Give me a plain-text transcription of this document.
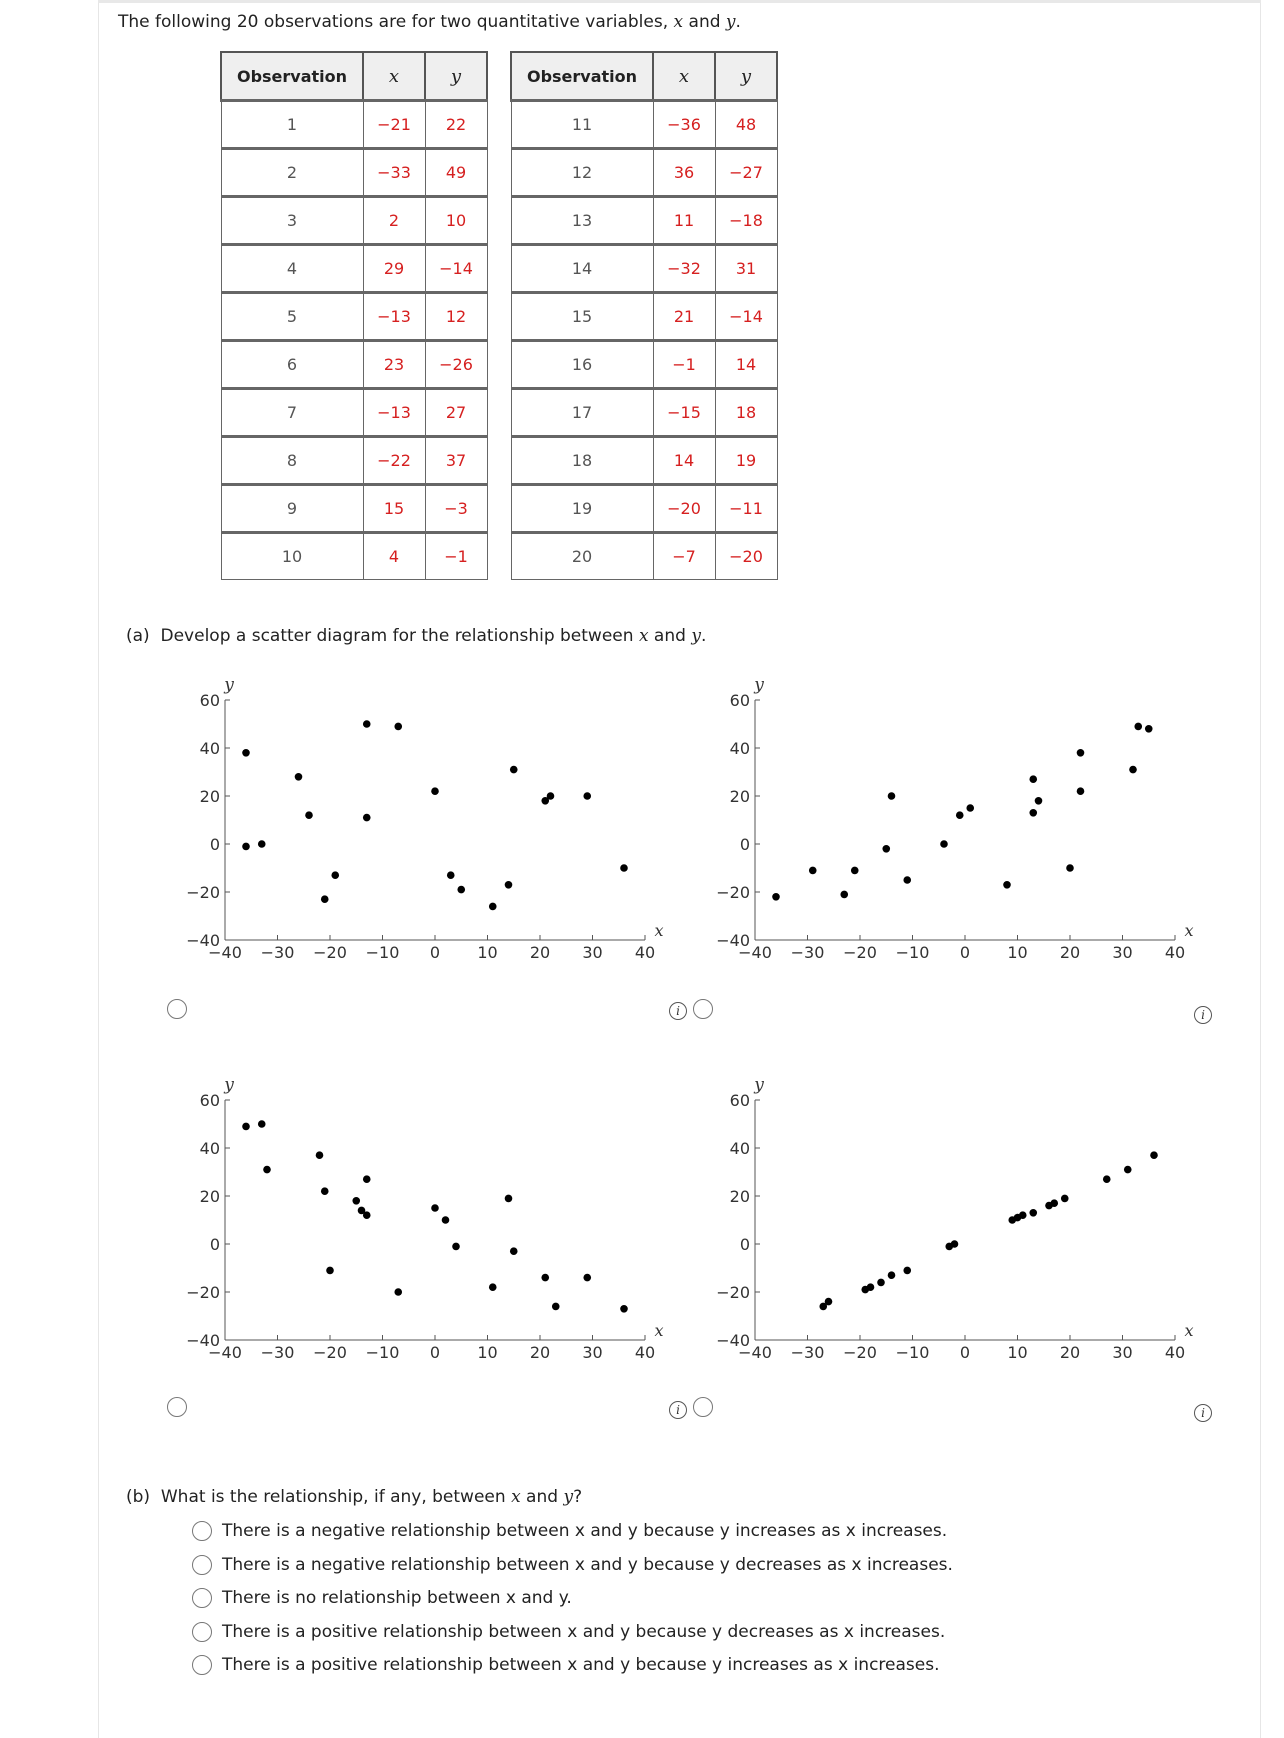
The following 20 observations are for two quantitative variables, x and y.
Observation	x	y
1	−21	22
2	−33	49
3	2	10
4	29	−14
5	−13	12
6	23	−26
7	−13	27
8	−22	37
9	15	−3
10	4	−1
Observation	x	y
11	−36	48
12	36	−27
13	11	−18
14	−32	31
15	21	−14
16	−1	14
17	−15	18
18	14	19
19	−20	−11
20	−7	−20
(a) Develop a scatter diagram for the relationship between x and y.
−40 −30 −20 −10 0 10 20 30 40
60
40
20
0
−20
−40
x
y
−40 −30 −20 −10 0 10 20 30 40
60
40
20
0
−20
−40
x
y
−40 −30 −20 −10 0 10 20 30 40
60
40
20
0
−20
−40
x
y
−40 −30 −20 −10 0 10 20 30 40
60
40
20
0
−20
−40
x
y
i	i
i	i
(b) What is the relationship, if any, between x and y?
There is a negative relationship between x and y because y increases as x increases.
There is a negative relationship between x and y because y decreases as x increases.
There is no relationship between x and y.
There is a positive relationship between x and y because y decreases as x increases.
There is a positive relationship between x and y because y increases as x increases.
